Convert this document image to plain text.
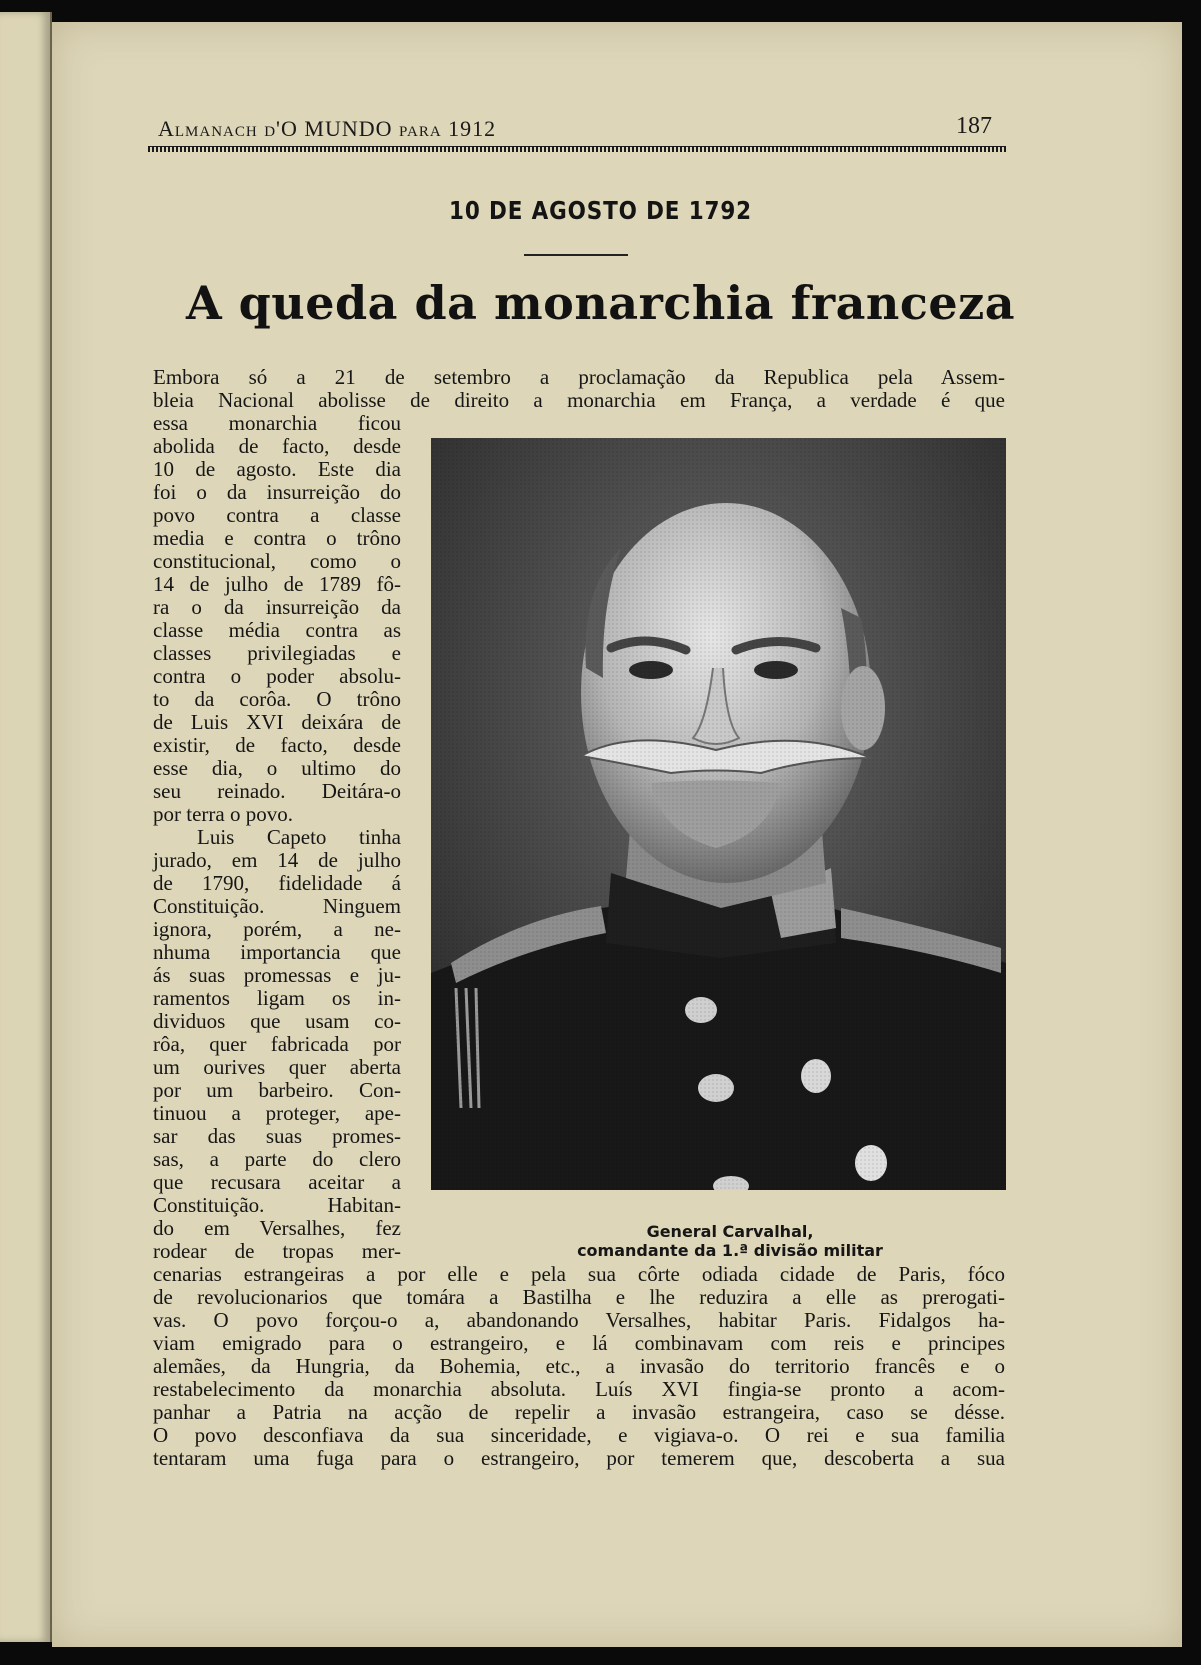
Almanach d'O MUNDO para 1912	187
10 DE AGOSTO DE 1792
A queda da monarchia franceza
Embora só a 21 de setembro a proclamação da Republica pela Assem-
bleia Nacional abolisse de direito a monarchia em França, a verdade é que
essa monarchia ficou
abolida de facto, desde
10 de agosto. Este dia
foi o da insurreição do
povo contra a classe
media e contra o trôno
constitucional, como o
14 de julho de 1789 fô-
ra o da insurreição da
classe média contra as
classes privilegiadas e
contra o poder absolu-
to da corôa. O trôno
de Luis XVI deixára de
existir, de facto, desde
esse dia, o ultimo do
seu reinado. Deitára-o
por terra o povo.
Luis Capeto tinha
jurado, em 14 de julho
de 1790, fidelidade á
Constituição. Ninguem
ignora, porém, a ne-
nhuma importancia que
ás suas promessas e ju-
ramentos ligam os in-
dividuos que usam co-
rôa, quer fabricada por
um ourives quer aberta
por um barbeiro. Con-
tinuou a proteger, ape-
sar das suas promes-
sas, a parte do clero
que recusara aceitar a
Constituição. Habitan-
do em Versalhes, fez
rodear de tropas mer-
cenarias estrangeiras a por elle e pela sua côrte odiada cidade de Paris, fóco
de revolucionarios que tomára a Bastilha e lhe reduzira a elle as prerogati-
vas. O povo forçou-o a, abandonando Versalhes, habitar Paris. Fidalgos ha-
viam emigrado para o estrangeiro, e lá combinavam com reis e principes
alemães, da Hungria, da Bohemia, etc., a invasão do territorio francês e o
restabelecimento da monarchia absoluta. Luís XVI fingia-se pronto a acom-
panhar a Patria na acção de repelir a invasão estrangeira, caso se désse.
O povo desconfiava da sua sinceridade, e vigiava-o. O rei e sua familia
tentaram uma fuga para o estrangeiro, por temerem que, descoberta a sua
General Carvalhal,
comandante da 1.ª divisão militar
